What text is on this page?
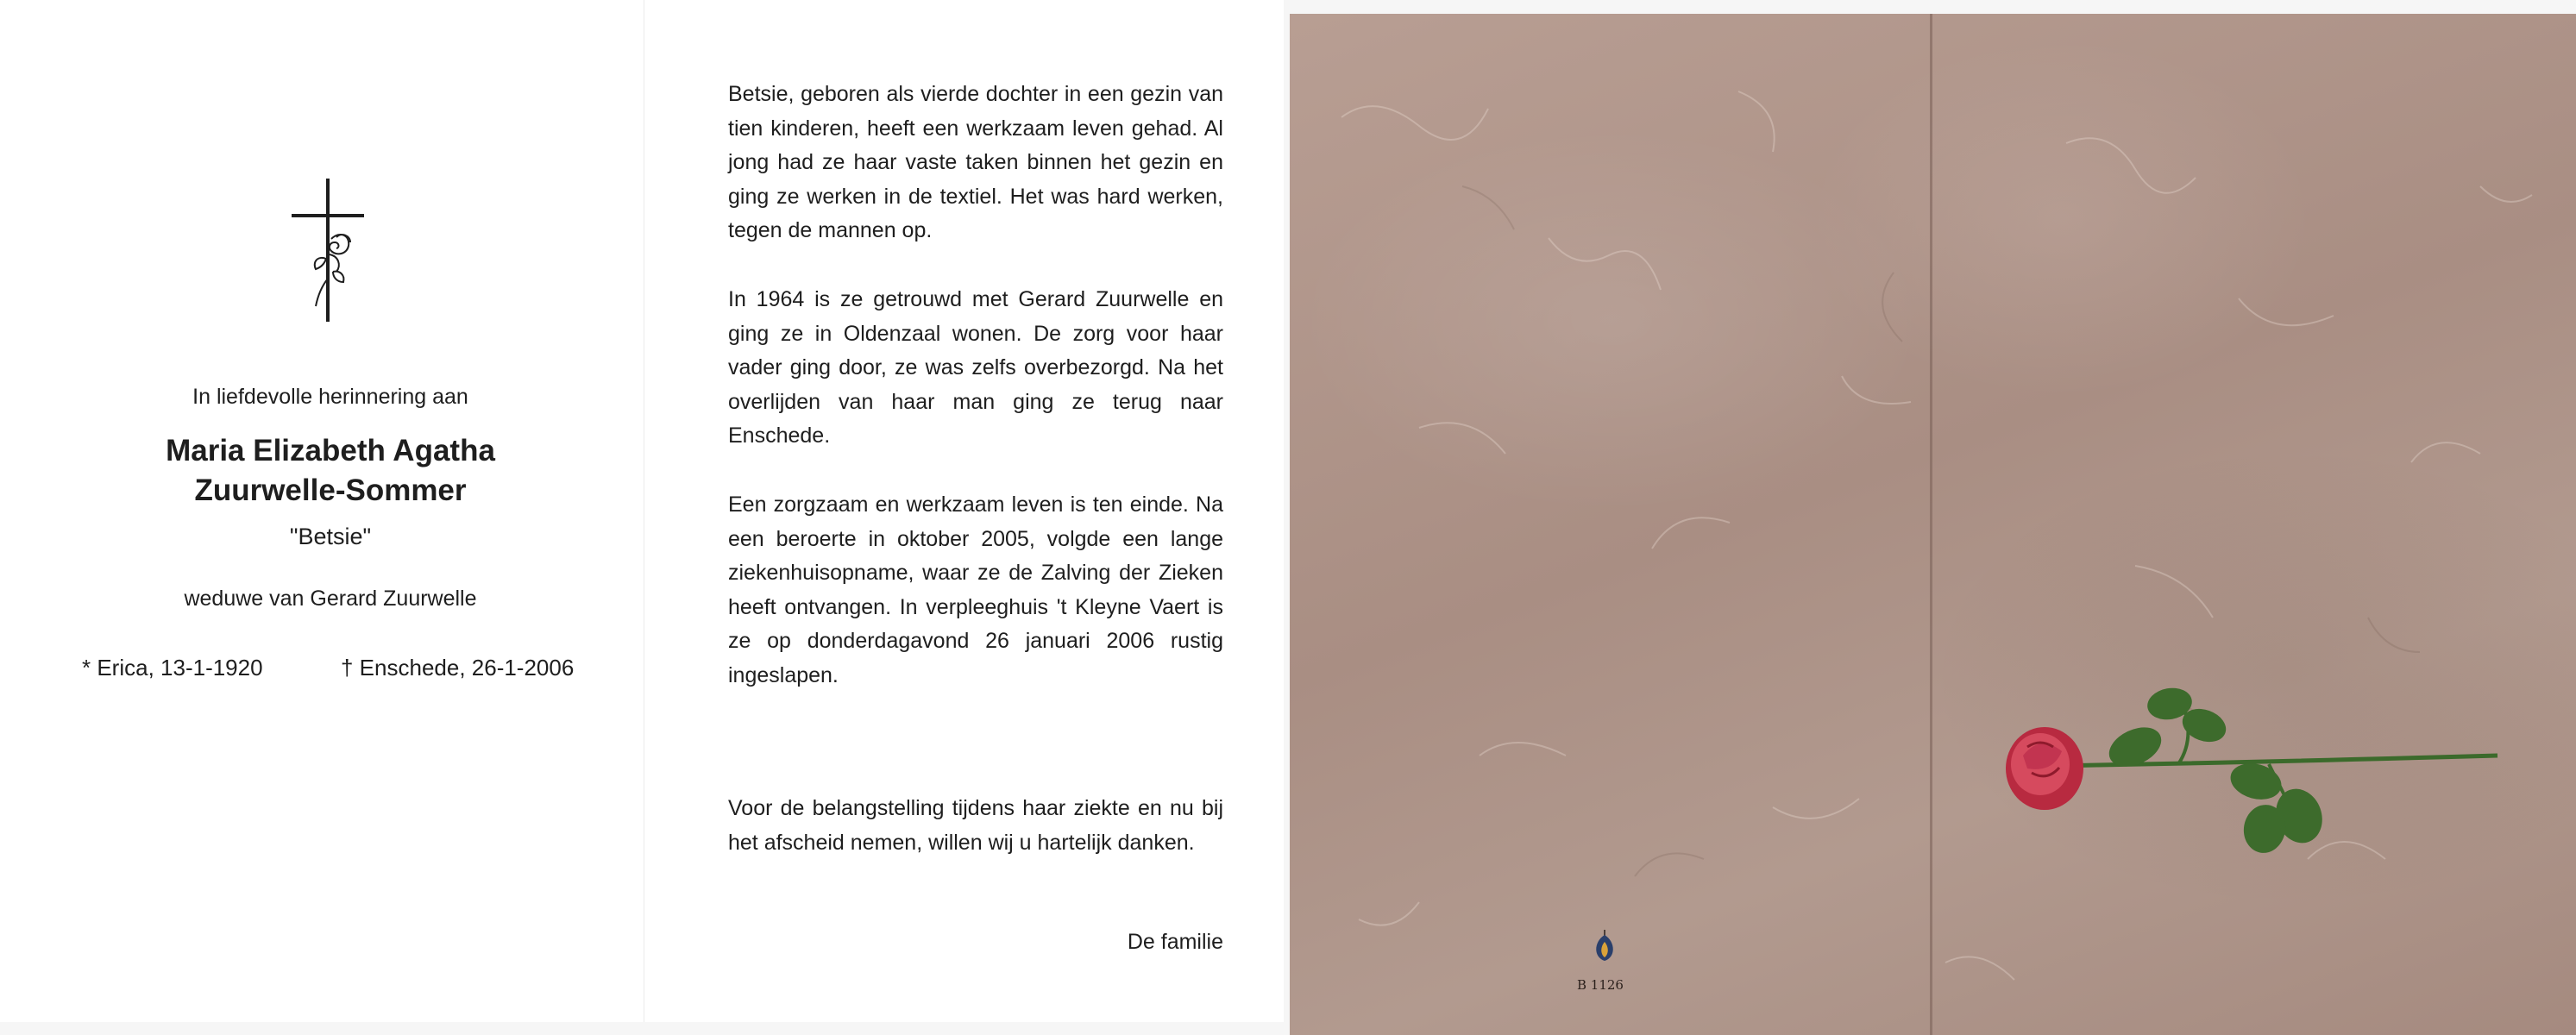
In liefdevolle herinnering aan
Maria Elizabeth Agatha
Zuurwelle-Sommer
"Betsie"
weduwe van Gerard Zuurwelle
* Erica, 13-1-1920	† Enschede, 26-1-2006

Betsie, geboren als vierde dochter in een gezin van tien kinderen, heeft een werkzaam leven gehad. Al jong had ze haar vaste taken binnen het gezin en ging ze werken in de textiel. Het was hard werken, tegen de mannen op.

In 1964 is ze getrouwd met Gerard Zuurwelle en ging ze in Oldenzaal wonen. De zorg voor haar vader ging door, ze was zelfs overbezorgd. Na het overlijden van haar man ging ze terug naar Enschede.

Een zorgzaam en werkzaam leven is ten einde. Na een beroerte in oktober 2005, volgde een lange ziekenhuisopname, waar ze de Zalving der Zieken heeft ontvangen. In verpleeghuis 't Kleyne Vaert is ze op donderdagavond 26 januari 2006 rustig ingeslapen.

Voor de belangstelling tijdens haar ziekte en nu bij het afscheid nemen, willen wij u hartelijk danken.

De familie
B 1126
